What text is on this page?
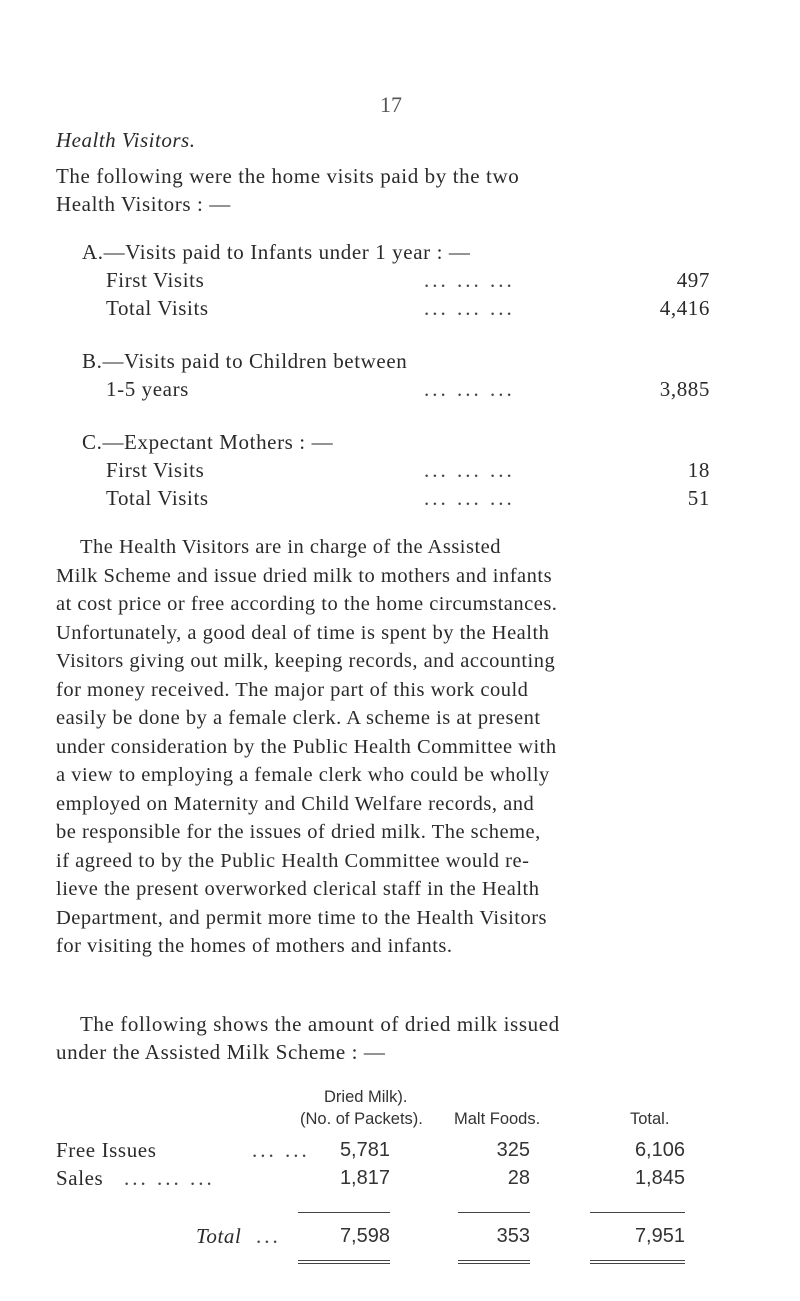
17
Health Visitors.
The following were the home visits paid by the two
Health Visitors : —
A.—Visits paid to Infants under 1 year : —
First Visits	... ... ...	497
Total Visits	... ... ...	4,416
B.—Visits paid to Children between
1-5 years	... ... ...	3,885
C.—Expectant Mothers : —
First Visits	... ... ...	18
Total Visits	... ... ...	51
The Health Visitors are in charge of the Assisted
Milk Scheme and issue dried milk to mothers and infants
at cost price or free according to the home circumstances.
Unfortunately, a good deal of time is spent by the Health
Visitors giving out milk, keeping records, and accounting
for money received. The major part of this work could
easily be done by a female clerk. A scheme is at present
under consideration by the Public Health Committee with
a view to employing a female clerk who could be wholly
employed on Maternity and Child Welfare records, and
be responsible for the issues of dried milk. The scheme,
if agreed to by the Public Health Committee would re-
lieve the present overworked clerical staff in the Health
Department, and permit more time to the Health Visitors
for visiting the homes of mothers and infants.
The following shows the amount of dried milk issued
under the Assisted Milk Scheme : —
Dried Milk).
(No. of Packets). Malt Foods.	Total.
Free Issues	... ...	5,781	325	6,106
Sales ... ... ...	1,817	28	1,845
Total ...	7,598	353	7,951
